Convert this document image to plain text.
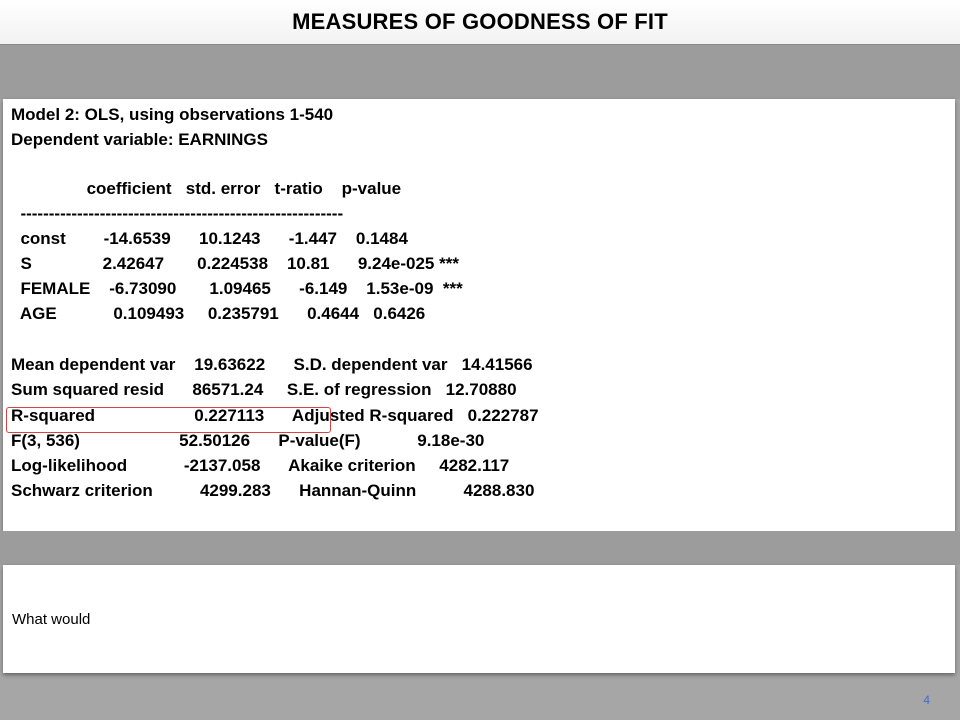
MEASURES OF GOODNESS OF FIT
Model 2: OLS, using observations 1-540
Dependent variable: EARNINGS
coefficient   std. error   t-ratio    p-value
---------------------------------------------------------
const        -14.6539      10.1243      -1.447    0.1484
S               2.42647       0.224538    10.81      9.24e-025 ***
FEMALE    -6.73090       1.09465      -6.149    1.53e-09  ***
AGE            0.109493     0.235791      0.4644   0.6426
Mean dependent var    19.63622      S.D. dependent var   14.41566
Sum squared resid      86571.24     S.E. of regression   12.70880
R-squared                     0.227113      Adjusted R-squared   0.222787
F(3, 536)                     52.50126      P-value(F)            9.18e-30
Log-likelihood            -2137.058      Akaike criterion     4282.117
Schwarz criterion          4299.283      Hannan-Quinn          4288.830
What would
4
